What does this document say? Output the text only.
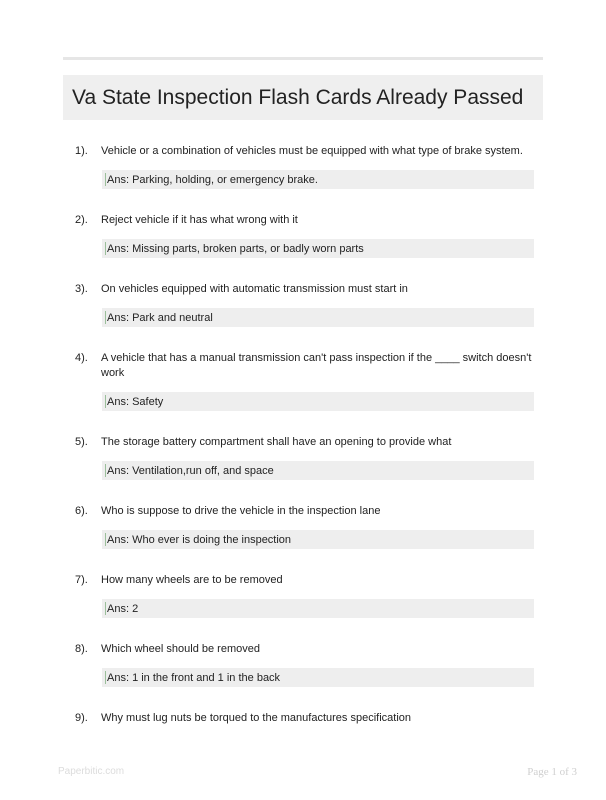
Va State Inspection Flash Cards Already Passed
1).	Vehicle or a combination of vehicles must be equipped with what type of brake system.
Ans: Parking, holding, or emergency brake.
2).	Reject vehicle if it has what wrong with it
Ans: Missing parts, broken parts, or badly worn parts
3).	On vehicles equipped with automatic transmission must start in
Ans: Park and neutral
4).	A vehicle that has a manual transmission can't pass inspection if the ____ switch doesn't work
Ans: Safety
5).	The storage battery compartment shall have an opening to provide what
Ans: Ventilation,run off, and space
6).	Who is suppose to drive the vehicle in the inspection lane
Ans: Who ever is doing the inspection
7).	How many wheels are to be removed
Ans: 2
8).	Which wheel should be removed
Ans: 1 in the front and 1 in the back
9).	Why must lug nuts be torqued to the manufactures specification
Paperbitic.com	Page 1 of 3
